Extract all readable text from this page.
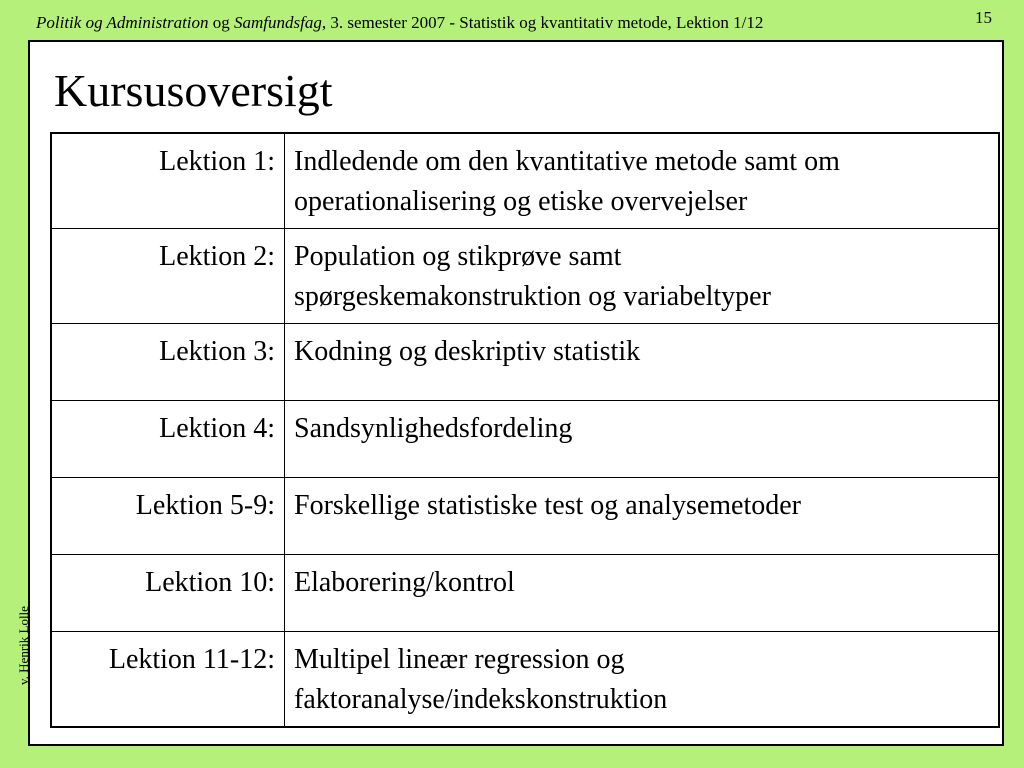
Politik og Administration og Samfundsfag, 3. semester 2007 - Statistik og kvantitativ metode, Lektion 1/12	15
Kursusoversigt
v. Henrik Lolle
Lektion 1:	Indledende om den kvantitative metode samt om
operationalisering og etiske overvejelser
Lektion 2:	Population og stikprøve samt
spørgeskemakonstruktion og variabeltyper
Lektion 3:	Kodning og deskriptiv statistik
Lektion 4:	Sandsynlighedsfordeling
Lektion 5-9:	Forskellige statistiske test og analysemetoder
Lektion 10:	Elaborering/kontrol
Lektion 11-12:	Multipel lineær regression og
faktoranalyse/indekskonstruktion
